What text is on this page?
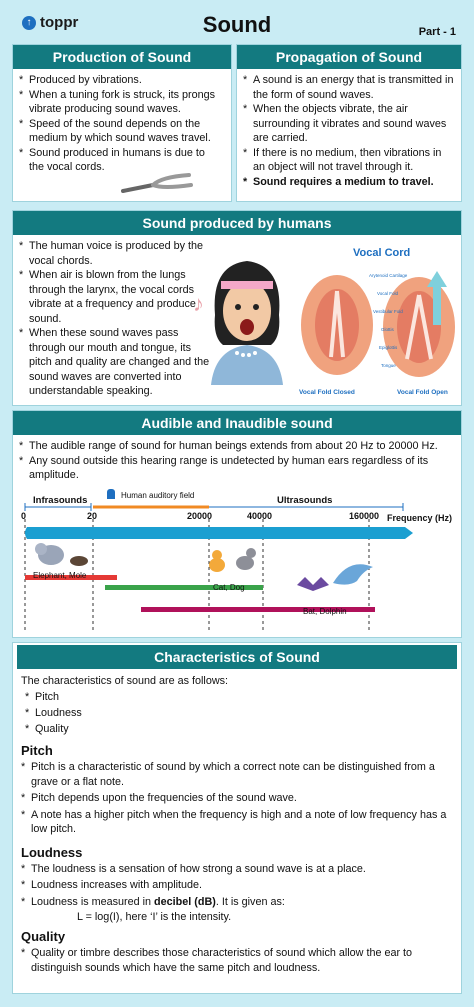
↑ toppr	Sound	Part - 1
Production of Sound
* Produced by vibrations.
* When a tuning fork is struck, its prongs vibrate producing sound waves.
* Speed of the sound depends on the medium by which sound waves travel.
* Sound produced in humans is due to the vocal cords.
Propagation of Sound
* A sound is an energy that is transmitted in the form of sound waves.
* When the objects vibrate, the air surrounding it vibrates and sound waves are carried.
* If there is no medium, then vibrations in an object will not travel through it.
* Sound requires a medium to travel.
Sound produced by humans
* The human voice is produced by the vocal chords.
* When air is blown from the lungs through the larynx, the vocal cords vibrate at a frequency and produce sound.
* When these sound waves pass through our mouth and tongue, its pitch and quality are changed and the sound waves are converted into understandable speaking.
♪
Vocal Cord
Arytenoid Cartilage
Vocal Fold
Vestibular Fold
Glottis
Epiglottis
Tongue
Vocal Fold Closed	Vocal Fold Open
Audible and Inaudible sound
* The audible range of sound for human beings extends from about 20 Hz to 20000 Hz.
* Any sound outside this hearing range is undetected by human ears regardless of its amplitude.
Infrasounds	Human auditory field	Ultrasounds
0	20	20000	40000	160000 Frequency (Hz)
Elephant, Mole
Cat, Dog
Bat, Dolphin
Characteristics of Sound
The characteristics of sound are as follows:
* Pitch
* Loudness
* Quality
Pitch
* Pitch is a characteristic of sound by which a correct note can be distinguished from a grave or a flat note.
* Pitch depends upon the frequencies of the sound wave.
* A note has a higher pitch when the frequency is high and a note of low frequency has a low pitch.
Loudness
* The loudness is a sensation of how strong a sound wave is at a place.
* Loudness increases with amplitude.
* Loudness is measured in decibel (dB). It is given as:
L = log(I), here ‘I’ is the intensity.
Quality
* Quality or timbre describes those characteristics of sound which allow the ear to distinguish sounds which have the same pitch and loudness.
